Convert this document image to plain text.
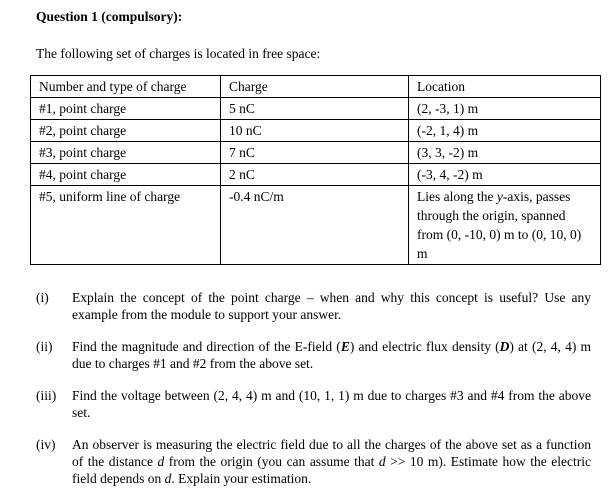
Question 1 (compulsory):
The following set of charges is located in free space:
Number and type of charge	Charge	Location
#1, point charge	5 nC	(2, -3, 1) m
#2, point charge	10 nC	(-2, 1, 4) m
#3, point charge	7 nC	(3, 3, -2) m
#4, point charge	2 nC	(-3, 4, -2) m
#5, uniform line of charge	-0.4 nC/m	Lies along the y-axis, passes through the origin, spanned from (0, -10, 0) m to (0, 10, 0) m
(i)	Explain the concept of the point charge – when and why this concept is useful? Use any example from the module to support your answer.
(ii)	Find the magnitude and direction of the E-field (E) and electric flux density (D) at (2, 4, 4) m due to charges #1 and #2 from the above set.
(iii)	Find the voltage between (2, 4, 4) m and (10, 1, 1) m due to charges #3 and #4 from the above set.
(iv)	An observer is measuring the electric field due to all the charges of the above set as a function of the distance d from the origin (you can assume that d >> 10 m). Estimate how the electric field depends on d. Explain your estimation.
